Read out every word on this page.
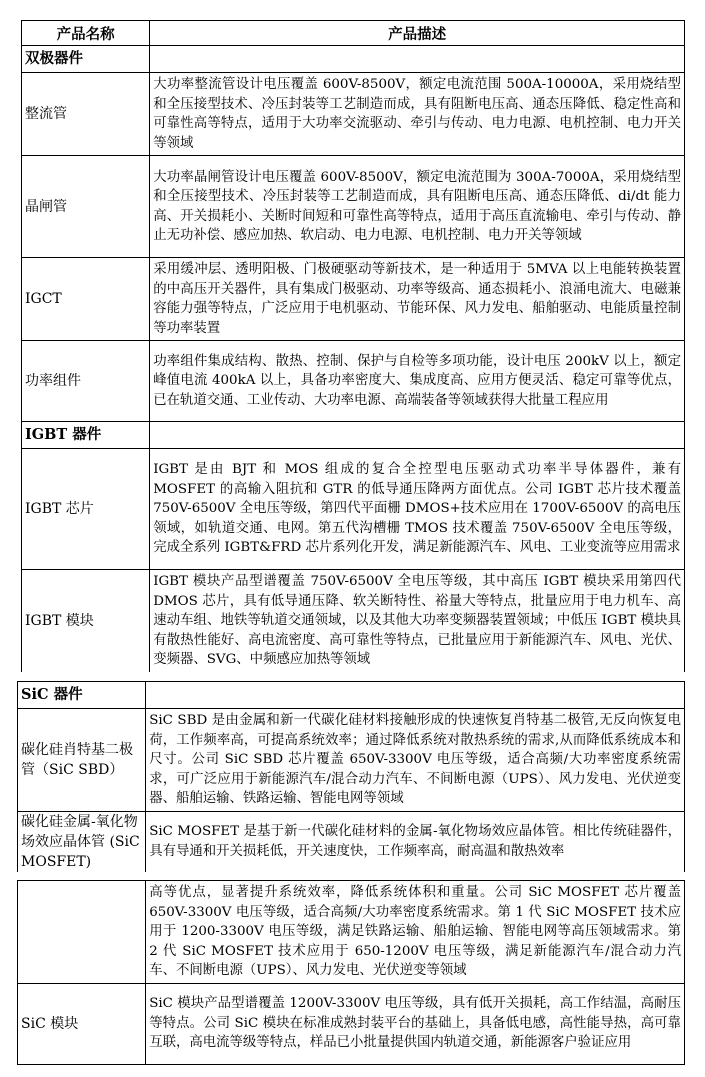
产品名称	产品描述
双极器件	
整流管	大功率整流管设计电压覆盖 600V-8500V，额定电流范围 500A-10000A，采用烧结型和全压接型技术、冷压封装等工艺制造而成，具有阻断电压高、通态压降低、稳定性高和可靠性高等特点，适用于大功率交流驱动、牵引与传动、电力电源、电机控制、电力开关等领域
晶闸管	大功率晶闸管设计电压覆盖 600V-8500V，额定电流范围为 300A-7000A，采用烧结型和全压接型技术、冷压封装等工艺制造而成，具有阻断电压高、通态压降低、di/dt 能力高、开关损耗小、关断时间短和可靠性高等特点，适用于高压直流输电、牵引与传动、静止无功补偿、感应加热、软启动、电力电源、电机控制、电力开关等领域
IGCT	采用缓冲层、透明阳极、门极硬驱动等新技术，是一种适用于 5MVA 以上电能转换装置的中高压开关器件，具有集成门极驱动、功率等级高、通态损耗小、浪涌电流大、电磁兼容能力强等特点，广泛应用于电机驱动、节能环保、风力发电、船舶驱动、电能质量控制等功率装置
功率组件	功率组件集成结构、散热、控制、保护与自检等多项功能，设计电压 200kV 以上，额定峰值电流 400kA 以上，具备功率密度大、集成度高、应用方便灵活、稳定可靠等优点，已在轨道交通、工业传动、大功率电源、高端装备等领域获得大批量工程应用
IGBT 器件	
IGBT 芯片	IGBT 是由 BJT 和 MOS 组成的复合全控型电压驱动式功率半导体器件，兼有 MOSFET 的高输入阻抗和 GTR 的低导通压降两方面优点。公司 IGBT 芯片技术覆盖 750V-6500V 全电压等级，第四代平面栅 DMOS+技术应用在 1700V-6500V 的高电压领域，如轨道交通、电网。第五代沟槽栅 TMOS 技术覆盖 750V-6500V 全电压等级，完成全系列 IGBT&FRD 芯片系列化开发，满足新能源汽车、风电、工业变流等应用需求
IGBT 模块	IGBT 模块产品型谱覆盖 750V-6500V 全电压等级，其中高压 IGBT 模块采用第四代 DMOS 芯片，具有低导通压降、软关断特性、裕量大等特点，批量应用于电力机车、高速动车组、地铁等轨道交通领域，以及其他大功率变频器装置领域；中低压 IGBT 模块具有散热性能好、高电流密度、高可靠性等特点，已批量应用于新能源汽车、风电、光伏、变频器、SVG、中频感应加热等领域
SiC 器件	
碳化硅肖特基二极管（SiC SBD）	SiC SBD 是由金属和新一代碳化硅材料接触形成的快速恢复肖特基二极管,无反向恢复电荷，工作频率高，可提高系统效率；通过降低系统对散热系统的需求,从而降低系统成本和尺寸。公司 SiC SBD 芯片覆盖 650V-3300V 电压等级，适合高频/大功率密度系统需求，可广泛应用于新能源汽车/混合动力汽车、不间断电源（UPS）、风力发电、光伏逆变器、船舶运输、铁路运输、智能电网等领域
碳化硅金属-氧化物场效应晶体管 (SiC MOSFET)	SiC MOSFET 是基于新一代碳化硅材料的金属-氧化物场效应晶体管。相比传统硅器件，具有导通和开关损耗低，开关速度快，工作频率高，耐高温和散热效率
	高等优点，显著提升系统效率，降低系统体积和重量。公司 SiC MOSFET 芯片覆盖 650V-3300V 电压等级，适合高频/大功率密度系统需求。第 1 代 SiC MOSFET 技术应用于 1200-3300V 电压等级，满足铁路运输、船舶运输、智能电网等高压领域需求。第 2 代 SiC MOSFET 技术应用于 650-1200V 电压等级，满足新能源汽车/混合动力汽车、不间断电源（UPS）、风力发电、光伏逆变等领域
SiC 模块	SiC 模块产品型谱覆盖 1200V-3300V 电压等级，具有低开关损耗，高工作结温，高耐压等特点。公司 SiC 模块在标准成熟封装平台的基础上，具备低电感，高性能导热，高可靠互联，高电流等级等特点，样品已小批量提供国内轨道交通，新能源客户验证应用
